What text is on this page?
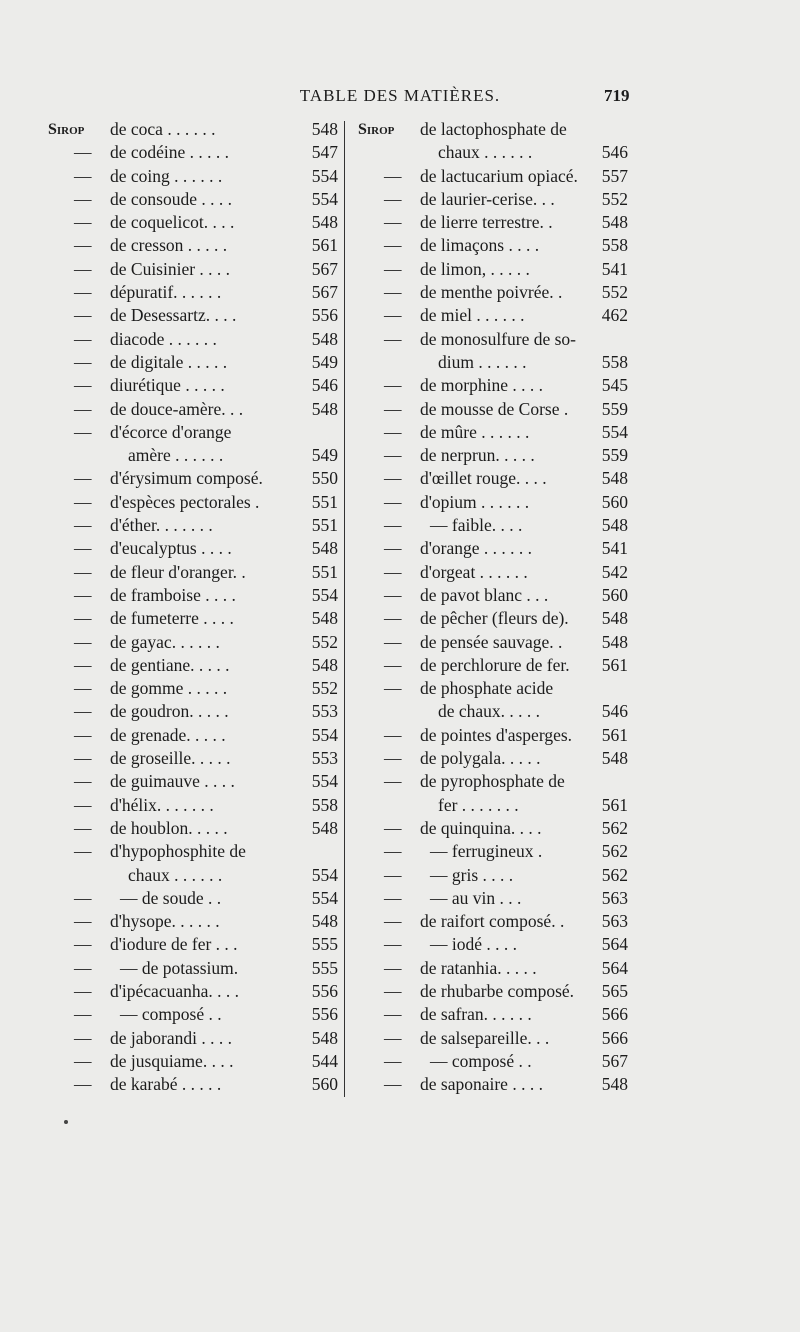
TABLE DES MATIÈRES.	719
Sirop	de coca . . . . . .	548
—	de codéine . . . . .	547
—	de coing . . . . . .	554
—	de consoude . . . .	554
—	de coquelicot. . . .	548
—	de cresson . . . . .	561
—	de Cuisinier . . . .	567
—	dépuratif. . . . . .	567
—	de Desessartz. . . .	556
—	diacode . . . . . .	548
—	de digitale . . . . .	549
—	diurétique . . . . .	546
—	de douce-amère. . .	548
—	d'écorce d'orange
amère . . . . . .	549
—	d'érysimum composé.	550
—	d'espèces pectorales .	551
—	d'éther. . . . . . .	551
—	d'eucalyptus . . . .	548
—	de fleur d'oranger. .	551
—	de framboise . . . .	554
—	de fumeterre . . . .	548
—	de gayac. . . . . .	552
—	de gentiane. . . . .	548
—	de gomme . . . . .	552
—	de goudron. . . . .	553
—	de grenade. . . . .	554
—	de groseille. . . . .	553
—	de guimauve . . . .	554
—	d'hélix. . . . . . .	558
—	de houblon. . . . .	548
—	d'hypophosphite de
chaux . . . . . .	554
—	— de soude . .	554
—	d'hysope. . . . . .	548
—	d'iodure de fer . . .	555
—	— de potassium.	555
—	d'ipécacuanha. . . .	556
—	— composé . .	556
—	de jaborandi . . . .	548
—	de jusquiame. . . .	544
—	de karabé . . . . .	560
Sirop	de lactophosphate de
chaux . . . . . .	546
—	de lactucarium opiacé. 557
—	de laurier-cerise. . .	552
—	de lierre terrestre. .	548
—	de limaçons . . . .	558
—	de limon, . . . . .	541
—	de menthe poivrée. . 552
—	de miel . . . . . .	462
—	de monosulfure de so-
dium . . . . . .	558
—	de morphine . . . .	545
—	de mousse de Corse . 559
—	de mûre . . . . . .	554
—	de nerprun. . . . .	559
—	d'œillet rouge. . . .	548
—	d'opium . . . . . .	560
—	— faible. . . .	548
—	d'orange . . . . . .	541
—	d'orgeat . . . . . .	542
—	de pavot blanc . . .	560
—	de pêcher (fleurs de). 548
—	de pensée sauvage. . 548
—	de perchlorure de fer. 561
—	de phosphate acide
de chaux. . . . .	546
—	de pointes d'asperges. 561
—	de polygala. . . . .	548
—	de pyrophosphate de
fer . . . . . . .	561
—	de quinquina. . . .	562
—	— ferrugineux .	562
—	— gris . . . .	562
—	— au vin . . .	563
—	de raifort composé. . 563
—	— iodé . . . .	564
—	de ratanhia. . . . .	564
—	de rhubarbe composé. 565
—	de safran. . . . . .	566
—	de salsepareille. . .	566
—	— composé . .	567
—	de saponaire . . . .	548
